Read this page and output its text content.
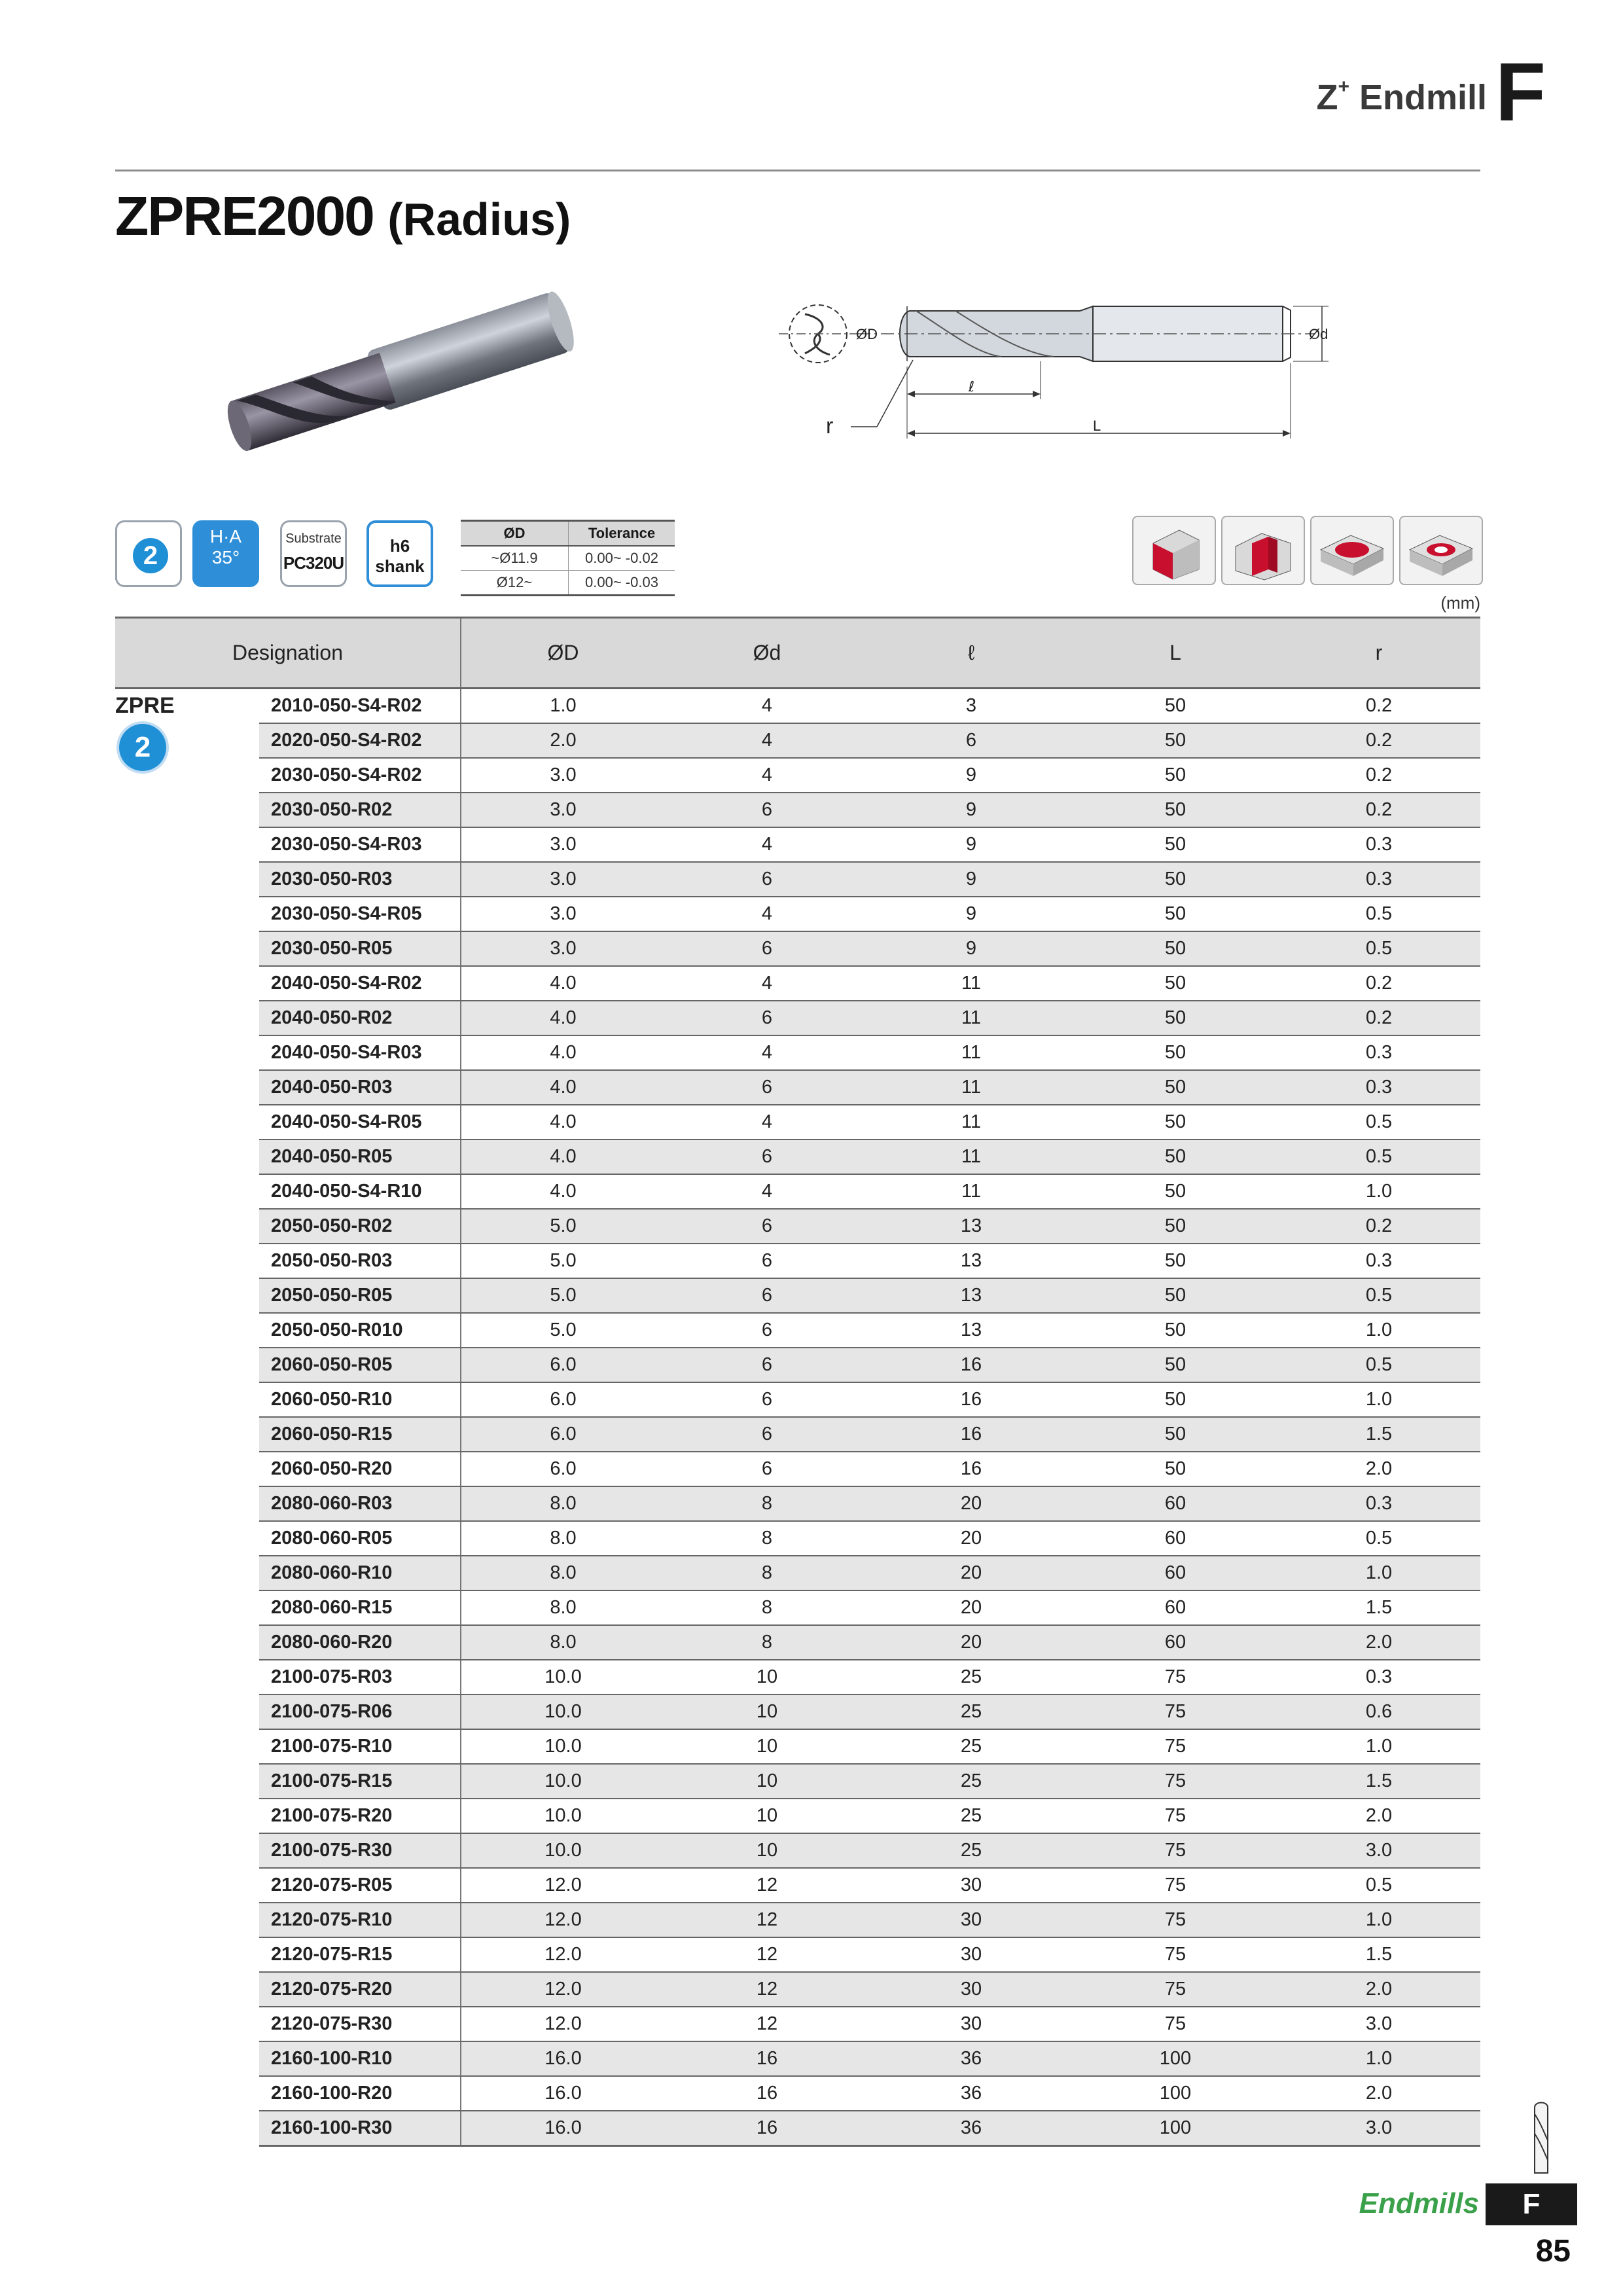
Z+ Endmill F
ZPRE2000 (Radius)
ØD	Ød
ℓ
L
r
2
H·A
35°
Substrate
PC320U
h6
shank
ØD	Tolerance
~Ø11.9	0.00~ -0.02
Ø12~	0.00~ -0.03
(mm)
Designation		ØD	Ød	ℓ	L	r

ZPRE
2	2010-050-S4-R02	1.0	4	3	50	0.2
	2020-050-S4-R02	2.0	4	6	50	0.2
	2030-050-S4-R02	3.0	4	9	50	0.2
	2030-050-R02	3.0	6	9	50	0.2
	2030-050-S4-R03	3.0	4	9	50	0.3
	2030-050-R03	3.0	6	9	50	0.3
	2030-050-S4-R05	3.0	4	9	50	0.5
	2030-050-R05	3.0	6	9	50	0.5
	2040-050-S4-R02	4.0	4	11	50	0.2
	2040-050-R02	4.0	6	11	50	0.2
	2040-050-S4-R03	4.0	4	11	50	0.3
	2040-050-R03	4.0	6	11	50	0.3
	2040-050-S4-R05	4.0	4	11	50	0.5
	2040-050-R05	4.0	6	11	50	0.5
	2040-050-S4-R10	4.0	4	11	50	1.0
	2050-050-R02	5.0	6	13	50	0.2
	2050-050-R03	5.0	6	13	50	0.3
	2050-050-R05	5.0	6	13	50	0.5
	2050-050-R010	5.0	6	13	50	1.0
	2060-050-R05	6.0	6	16	50	0.5
	2060-050-R10	6.0	6	16	50	1.0
	2060-050-R15	6.0	6	16	50	1.5
	2060-050-R20	6.0	6	16	50	2.0
	2080-060-R03	8.0	8	20	60	0.3
	2080-060-R05	8.0	8	20	60	0.5
	2080-060-R10	8.0	8	20	60	1.0
	2080-060-R15	8.0	8	20	60	1.5
	2080-060-R20	8.0	8	20	60	2.0
	2100-075-R03	10.0	10	25	75	0.3
	2100-075-R06	10.0	10	25	75	0.6
	2100-075-R10	10.0	10	25	75	1.0
	2100-075-R15	10.0	10	25	75	1.5
	2100-075-R20	10.0	10	25	75	2.0
	2100-075-R30	10.0	10	25	75	3.0
	2120-075-R05	12.0	12	30	75	0.5
	2120-075-R10	12.0	12	30	75	1.0
	2120-075-R15	12.0	12	30	75	1.5
	2120-075-R20	12.0	12	30	75	2.0
	2120-075-R30	12.0	12	30	75	3.0
	2160-100-R10	16.0	16	36	100	1.0
	2160-100-R20	16.0	16	36	100	2.0
	2160-100-R30	16.0	16	36	100	3.0
Endmills	F
85
